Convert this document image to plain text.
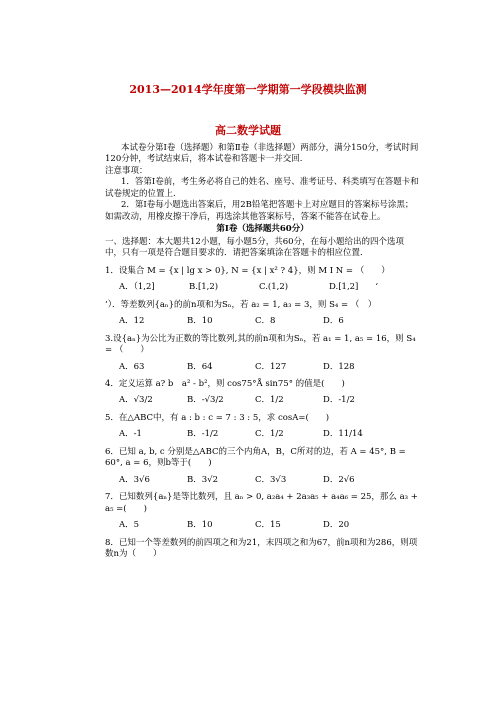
2013—2014学年度第一学期第一学段模块监测
高二数学试题

本试卷分第Ⅰ卷（选择题）和第Ⅱ卷（非选择题）两部分，满分150分，考试时间120分钟，考试结束后，将本试卷和答题卡一并交回.

注意事项：

1．答第Ⅰ卷前，考生务必将自己的姓名、座号、准考证号、科类填写在答题卡和试卷规定的位置上.

2．第Ⅰ卷每小题选出答案后，用2B铅笔把答题卡上对应题目的答案标号涂黑；如需改动，用橡皮擦干净后，再选涂其他答案标号，答案不能答在试卷上。

第Ⅰ卷（选择题共60分）

一、选择题：本大题共12小题，每小题5分，共60分，在每小题给出的四个选项中，只有一项是符合题目要求的．请把答案填涂在答题卡的相应位置．

1．设集合 M = {x | lg x > 0}, N = {x | x² ? 4}，则 M I N = （　　）
A．（1,2]	B.[1,2)	C.(1,2)	D.[1,2]　　‘
’）．等差数列{aₙ}的前n项和为Sₙ，若 a₂ = 1, a₃ = 3，则 S₄ = （　）
A．12	B．10	C．8	D．6
3.设{aₙ}为公比为正数的等比数列,其的前n项和为Sₙ，若 a₁ = 1, a₅ = 16，则 S₄ = （　　）
A．63	B．64	C．127	D．128
4．定义运算 a? b　a² - b²，则 cos75°Å sin75° 的值是(　　)
A．√3/2	B．-√3/2	C．1/2	D．-1/2
5．在△ABC中，有 a : b : c = 7 : 3 : 5，求 cosA=(　　)
A．-1	B．-1/2	C．1/2	D．11/14
6．已知 a, b, c 分别是△ABC的三个内角A，B，C所对的边，若 A = 45°, B = 60°, a = 6，则b等于(　　)
A．3√6	B．3√2	C．3√3	D．2√6
7．已知数列{aₙ}是等比数列，且 aₙ > 0, a₂a₄ + 2a₃a₅ + a₄a₆ = 25，那么 a₃ + a₅ =(　　)
A．5	B．10	C．15	D．20
8．已知一个等差数列的前四项之和为21，末四项之和为67，前n项和为286，则项数n为（　　）
